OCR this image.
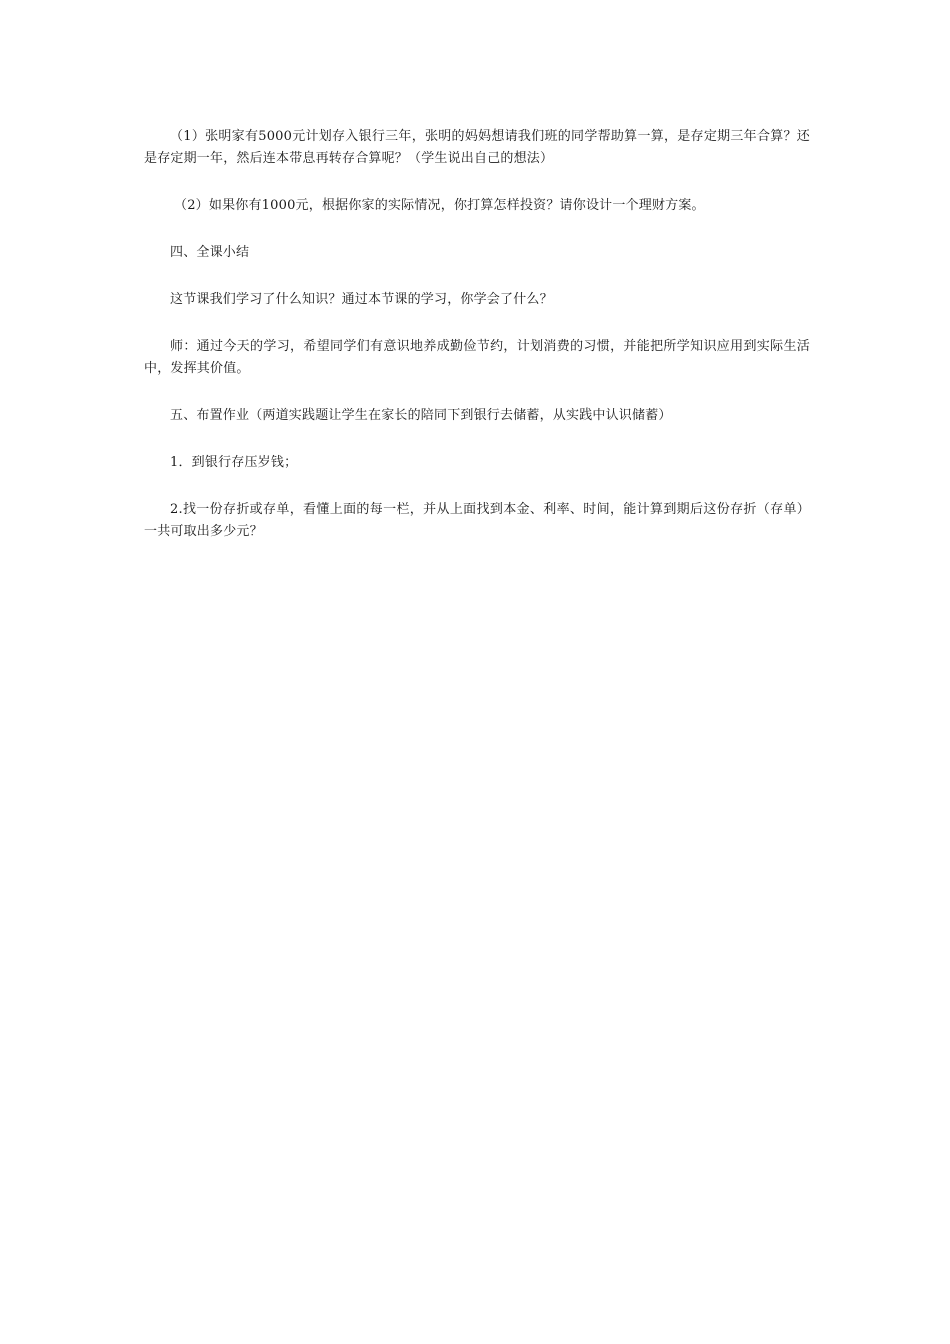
（1）张明家有5000元计划存入银行三年，张明的妈妈想请我们班的同学帮助算一算，是存定期三年合算？还是存定期一年，然后连本带息再转存合算呢？（学生说出自己的想法）

（2）如果你有1000元，根据你家的实际情况，你打算怎样投资？请你设计一个理财方案。

四、全课小结

这节课我们学习了什么知识？通过本节课的学习，你学会了什么？

师：通过今天的学习，希望同学们有意识地养成勤俭节约，计划消费的习惯，并能把所学知识应用到实际生活中，发挥其价值。

五、布置作业（两道实践题让学生在家长的陪同下到银行去储蓄，从实践中认识储蓄）

1．到银行存压岁钱；

2.找一份存折或存单，看懂上面的每一栏，并从上面找到本金、利率、时间，能计算到期后这份存折（存单）一共可取出多少元？
